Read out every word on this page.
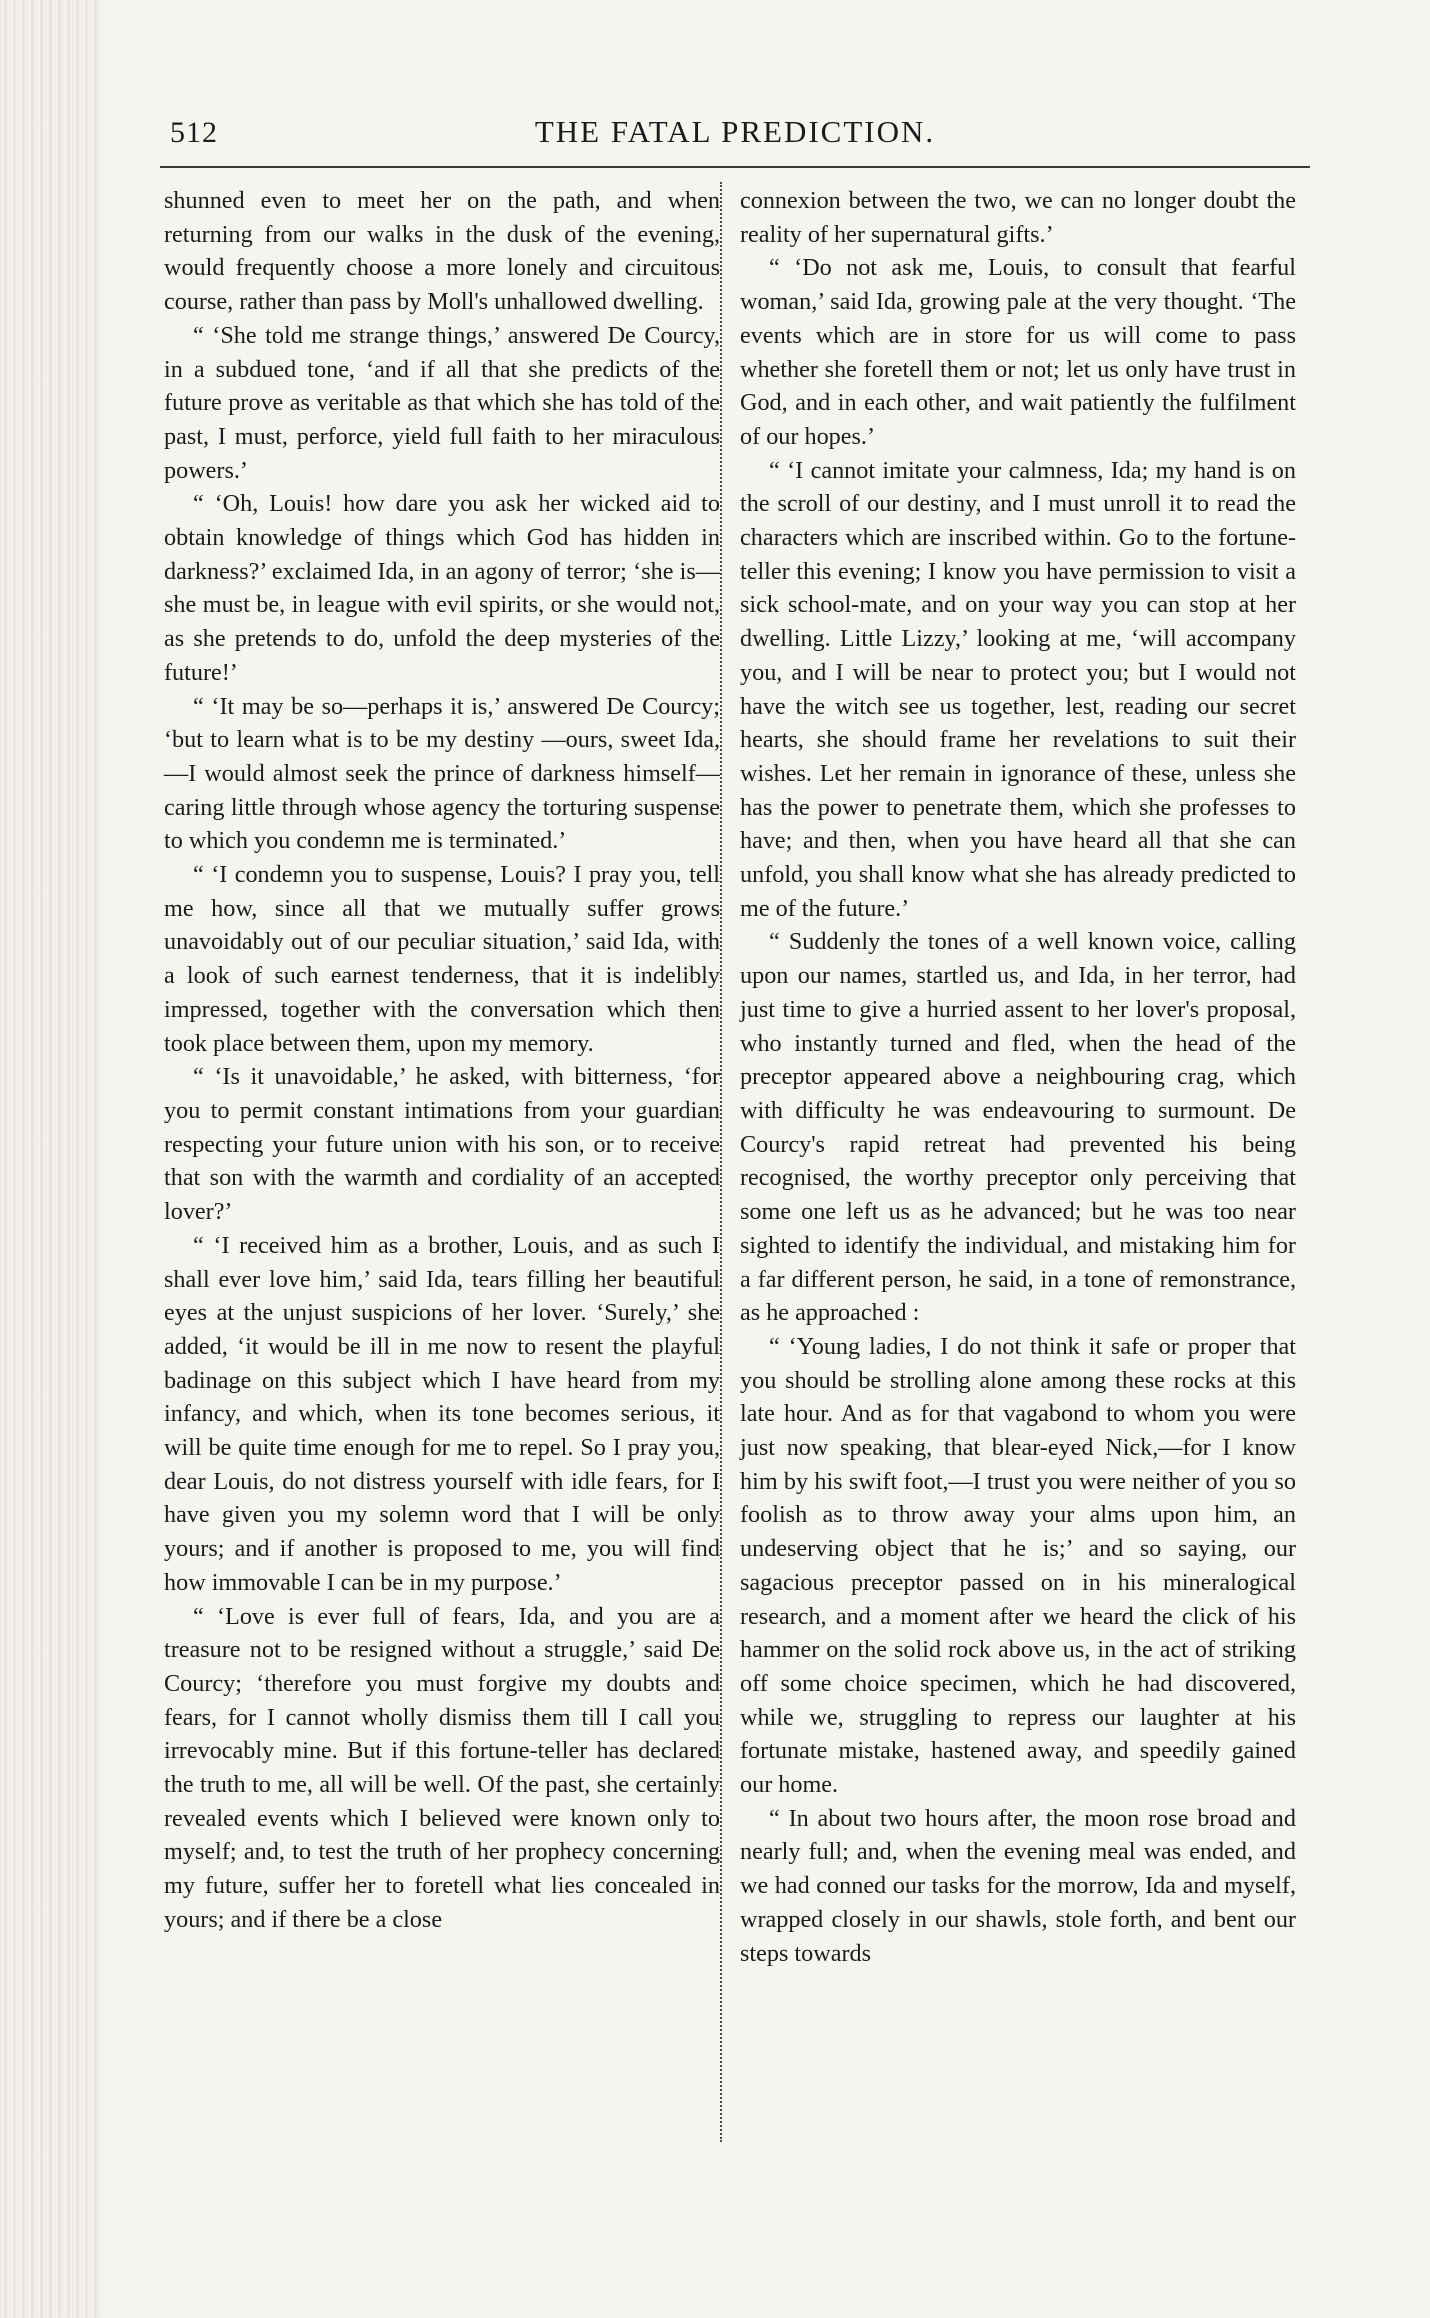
512	THE FATAL PREDICTION.

shunned even to meet her on the path, and when returning from our walks in the dusk of the evening, would frequently choose a more lonely and circuitous course, rather than pass by Moll's unhallowed dwelling.

“ ‘She told me strange things,’ answered De Courcy, in a subdued tone, ‘and if all that she predicts of the future prove as veritable as that which she has told of the past, I must, perforce, yield full faith to her miraculous powers.’

“ ‘Oh, Louis! how dare you ask her wicked aid to obtain knowledge of things which God has hidden in darkness?’ exclaimed Ida, in an agony of terror; ‘she is—she must be, in league with evil spirits, or she would not, as she pretends to do, unfold the deep mysteries of the future!’

“ ‘It may be so—perhaps it is,’ answered De Courcy; ‘but to learn what is to be my destiny —ours, sweet Ida,—I would almost seek the prince of darkness himself—caring little through whose agency the torturing suspense to which you condemn me is terminated.’

“ ‘I condemn you to suspense, Louis? I pray you, tell me how, since all that we mutually suffer grows unavoidably out of our peculiar situation,’ said Ida, with a look of such earnest tenderness, that it is indelibly impressed, together with the conversation which then took place between them, upon my memory.

“ ‘Is it unavoidable,’ he asked, with bitterness, ‘for you to permit constant intimations from your guardian respecting your future union with his son, or to receive that son with the warmth and cordiality of an accepted lover?’

“ ‘I received him as a brother, Louis, and as such I shall ever love him,’ said Ida, tears filling her beautiful eyes at the unjust suspicions of her lover. ‘Surely,’ she added, ‘it would be ill in me now to resent the playful badinage on this subject which I have heard from my infancy, and which, when its tone becomes serious, it will be quite time enough for me to repel. So I pray you, dear Louis, do not distress yourself with idle fears, for I have given you my solemn word that I will be only yours; and if another is proposed to me, you will find how immovable I can be in my purpose.’

“ ‘Love is ever full of fears, Ida, and you are a treasure not to be resigned without a struggle,’ said De Courcy; ‘therefore you must forgive my doubts and fears, for I cannot wholly dismiss them till I call you irrevocably mine. But if this fortune-teller has declared the truth to me, all will be well. Of the past, she certainly revealed events which I believed were known only to myself; and, to test the truth of her prophecy concerning my future, suffer her to foretell what lies concealed in yours; and if there be a close

connexion between the two, we can no longer doubt the reality of her supernatural gifts.’

“ ‘Do not ask me, Louis, to consult that fearful woman,’ said Ida, growing pale at the very thought. ‘The events which are in store for us will come to pass whether she foretell them or not; let us only have trust in God, and in each other, and wait patiently the fulfilment of our hopes.’

“ ‘I cannot imitate your calmness, Ida; my hand is on the scroll of our destiny, and I must unroll it to read the characters which are inscribed within. Go to the fortune-teller this evening; I know you have permission to visit a sick school-mate, and on your way you can stop at her dwelling. Little Lizzy,’ looking at me, ‘will accompany you, and I will be near to protect you; but I would not have the witch see us together, lest, reading our secret hearts, she should frame her revelations to suit their wishes. Let her remain in ignorance of these, unless she has the power to penetrate them, which she professes to have; and then, when you have heard all that she can unfold, you shall know what she has already predicted to me of the future.’

“ Suddenly the tones of a well known voice, calling upon our names, startled us, and Ida, in her terror, had just time to give a hurried assent to her lover's proposal, who instantly turned and fled, when the head of the preceptor appeared above a neighbouring crag, which with difficulty he was endeavouring to surmount. De Courcy's rapid retreat had prevented his being recognised, the worthy preceptor only perceiving that some one left us as he advanced; but he was too near sighted to identify the individual, and mistaking him for a far different person, he said, in a tone of remonstrance, as he approached :

“ ‘Young ladies, I do not think it safe or proper that you should be strolling alone among these rocks at this late hour. And as for that vagabond to whom you were just now speaking, that blear-eyed Nick,—for I know him by his swift foot,—I trust you were neither of you so foolish as to throw away your alms upon him, an undeserving object that he is;’ and so saying, our sagacious preceptor passed on in his mineralogical research, and a moment after we heard the click of his hammer on the solid rock above us, in the act of striking off some choice specimen, which he had discovered, while we, struggling to repress our laughter at his fortunate mistake, hastened away, and speedily gained our home.

“ In about two hours after, the moon rose broad and nearly full; and, when the evening meal was ended, and we had conned our tasks for the morrow, Ida and myself, wrapped closely in our shawls, stole forth, and bent our steps towards
